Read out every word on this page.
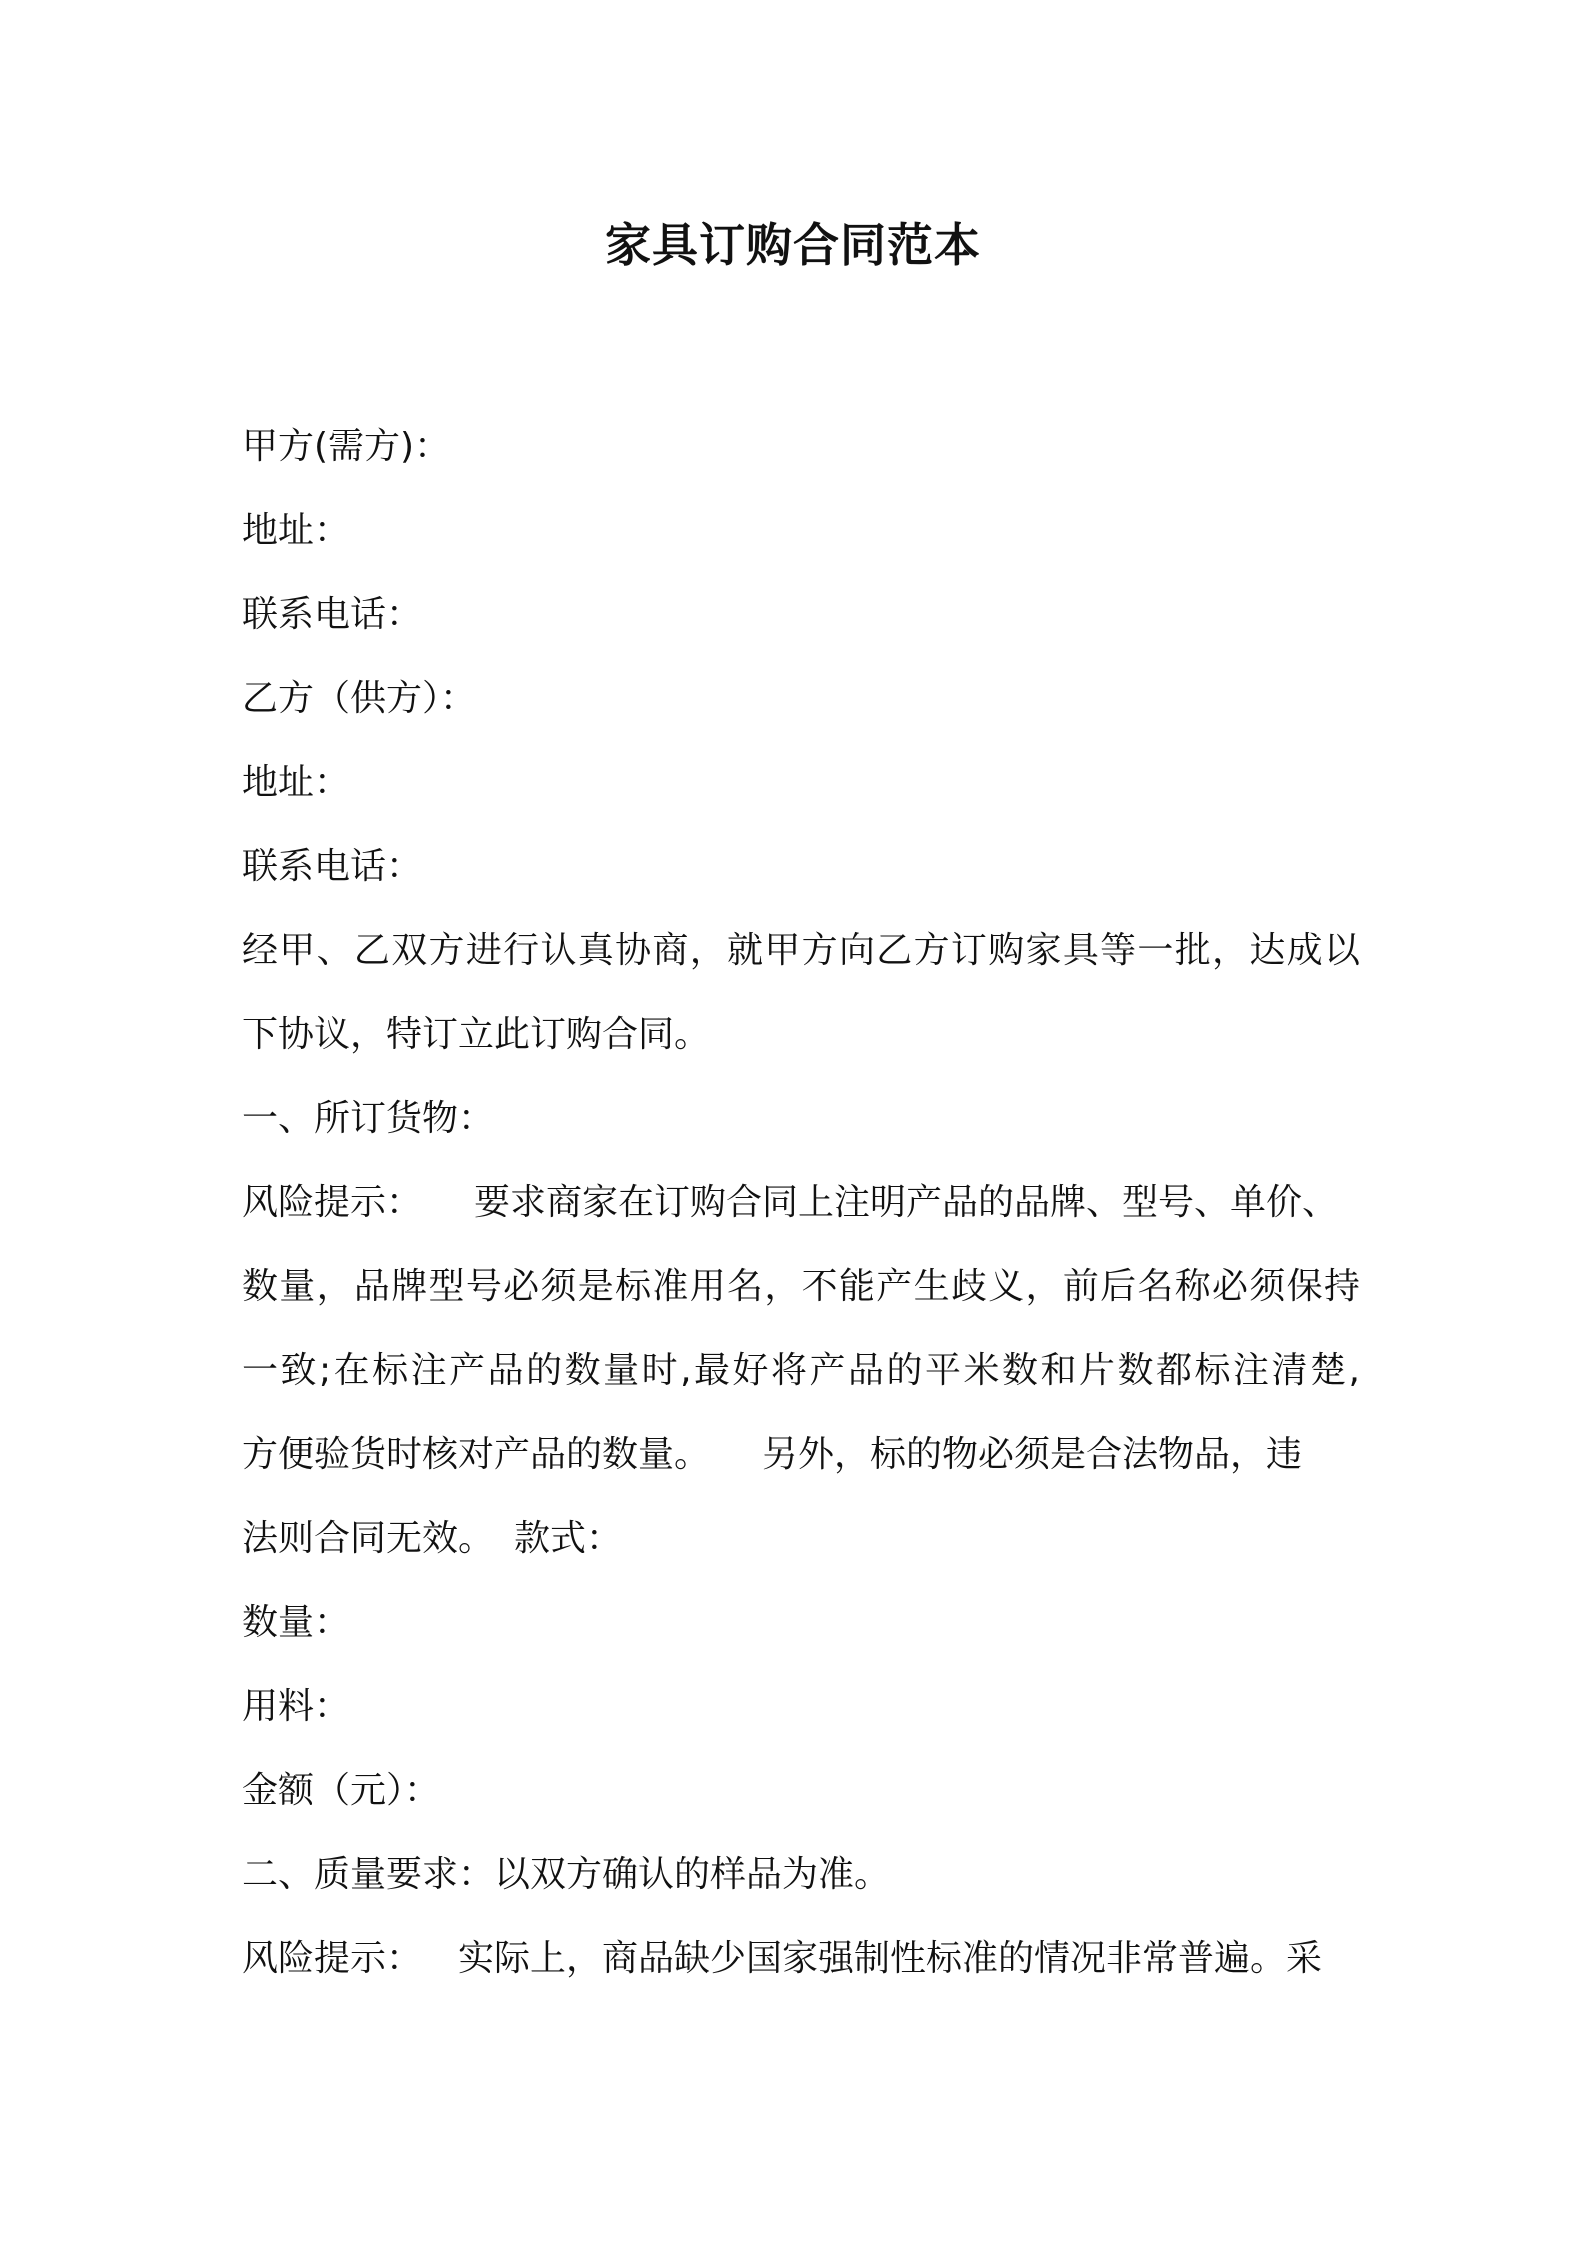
家具订购合同范本
甲方(需方)：
地址：
联系电话：
乙方（供方）：
地址：
联系电话：
经甲、乙双方进行认真协商，就甲方向乙方订购家具等一批，达成以
下协议，特订立此订购合同。
一、所订货物：
风险提示： 要求商家在订购合同上注明产品的品牌、型号、单价、
数量，品牌型号必须是标准用名，不能产生歧义，前后名称必须保持
一致;在标注产品的数量时,最好将产品的平米数和片数都标注清楚,
方便验货时核对产品的数量。 另外，标的物必须是合法物品，违
法则合同无效。 款式：
数量：
用料：
金额（元）：
二、质量要求：以双方确认的样品为准。
风险提示： 实际上，商品缺少国家强制性标准的情况非常普遍。采
